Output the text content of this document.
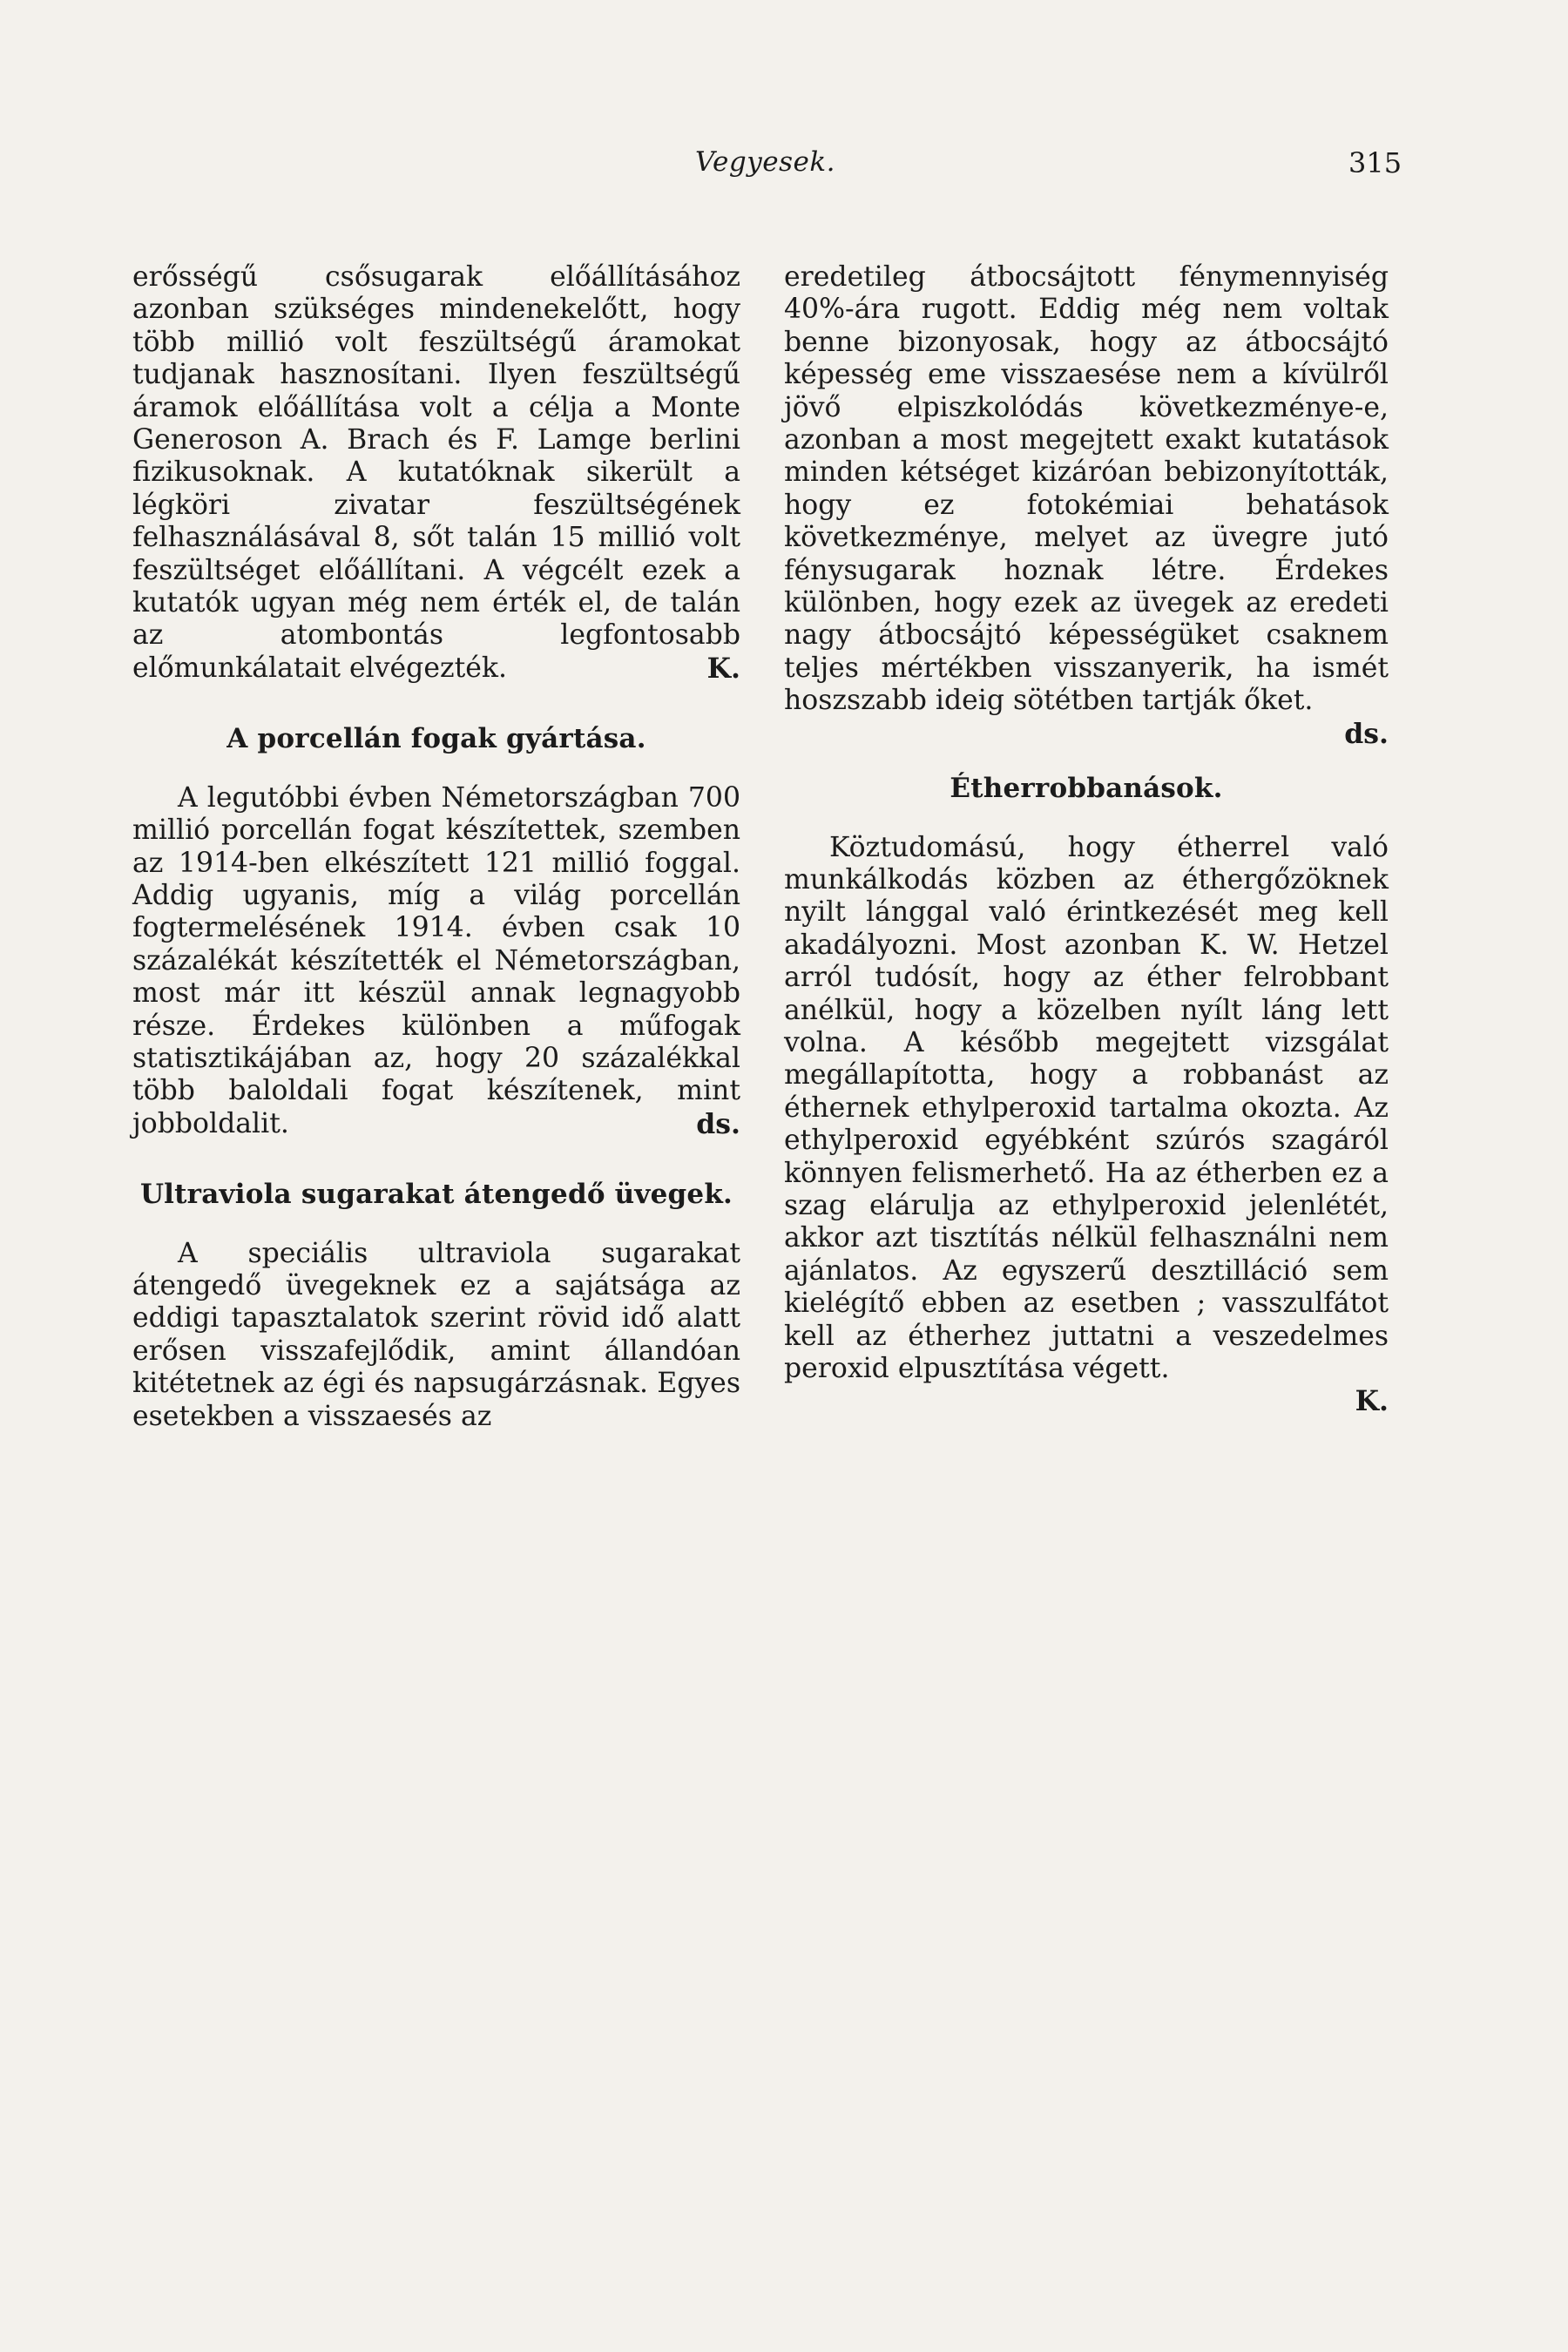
Vegyesek.	315

erősségű csősugarak előállításához azonban szükséges mindenekelőtt, hogy több millió volt feszültségű áramokat tudjanak hasznosítani. Ilyen feszültségű áramok előállítása volt a célja a Monte Generoson A. Brach és F. Lamge berlini fizikusoknak. A kutatóknak sikerült a légköri zivatar feszültségének felhasználásával 8, sőt talán 15 millió volt feszültséget előállítani. A végcélt ezek a kutatók ugyan még nem érték el, de talán az atombontás legfontosabb előmunkálatait elvégezték.	K.

A porcellán fogak gyártása.

A legutóbbi évben Németországban 700 millió porcellán fogat készítettek, szemben az 1914-ben elkészített 121 millió foggal. Addig ugyanis, míg a világ porcellán fogtermelésének 1914. évben csak 10 százalékát készítették el Németországban, most már itt készül annak legnagyobb része. Érdekes különben a műfogak statisztikájában az, hogy 20 százalékkal több baloldali fogat készítenek, mint jobboldalit.	ds.

Ultraviola sugarakat átengedő üvegek.

A speciális ultraviola sugarakat átengedő üvegeknek ez a sajátsága az eddigi tapasztalatok szerint rövid idő alatt erősen visszafejlődik, amint állandóan kitétetnek az égi és napsugárzásnak. Egyes esetekben a visszaesés az

eredetileg átbocsájtott fénymennyiség 40%-ára rugott. Eddig még nem voltak benne bizonyosak, hogy az átbocsájtó képesség eme visszaesése nem a kívülről jövő elpiszkolódás következménye-e, azonban a most megejtett exakt kutatások minden kétséget kizáróan bebizonyították, hogy ez fotokémiai behatások következménye, melyet az üvegre jutó fénysugarak hoznak létre. Érdekes különben, hogy ezek az üvegek az eredeti nagy átbocsájtó képességüket csaknem teljes mértékben visszanyerik, ha ismét hoszszabb ideig sötétben tartják őket.

ds.
Étherrobbanások.

Köztudomású, hogy étherrel való munkálkodás közben az éthergőzöknek nyilt lánggal való érintkezését meg kell akadályozni. Most azonban K. W. Hetzel arról tudósít, hogy az éther felrobbant anélkül, hogy a közelben nyílt láng lett volna. A később megejtett vizsgálat megállapította, hogy a robbanást az éthernek ethylperoxid tartalma okozta. Az ethylperoxid egyébként szúrós szagáról könnyen felismerhető. Ha az étherben ez a szag elárulja az ethylperoxid jelenlétét, akkor azt tisztítás nélkül felhasználni nem ajánlatos. Az egyszerű desztilláció sem kielégítő ebben az esetben ; vasszulfátot kell az étherhez juttatni a veszedelmes peroxid elpusztítása végett.

K.
